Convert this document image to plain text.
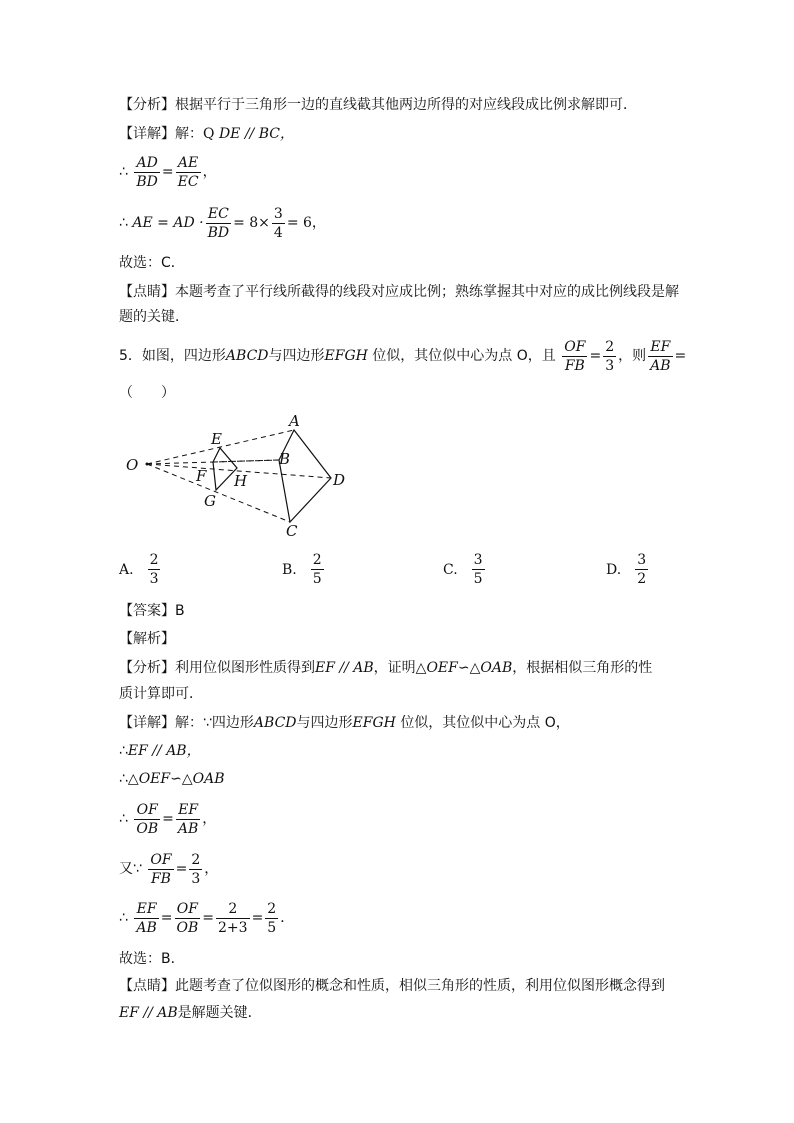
【分析】根据平行于三角形一边的直线截其他两边所得的对应线段成比例求解即可．
【详解】解：Q DE // BC，
∴ $\frac{AD}{BD} = \frac{AE}{EC}$ ，
∴ AE = AD · $\frac{EC}{BD} = 8\times \frac{3}{4} = 6$，
故选：C．
【点睛】本题考查了平行线所截得的线段对应成比例；熟练掌握其中对应的成比例线段是解
题的关键．
5．如图，四边形ABCD与四边形EFGH 位似，其位似中心为点 O，且 $\frac{OF}{FB} = \frac{2}{3}$ ，则 $\frac{EF}{AB}$ =
（　　）
O
A
B
D
C
E
F H
G
A. $\frac{2}{3}$	B. $\frac{2}{5}$	C. $\frac{3}{5}$	D. $\frac{3}{2}$
【答案】B
【解析】
【分析】利用位似图形性质得到EF // AB，证明△OEF∽△OAB，根据相似三角形的性
质计算即可．
【详解】解：∵四边形ABCD与四边形EFGH 位似，其位似中心为点 O，
∴EF // AB，
∴△OEF∽△OAB
∴ $\frac{OF}{OB} = \frac{EF}{AB}$ ，
又∵ $\frac{OF}{FB} = \frac{2}{3}$ ，
∴ $\frac{EF}{AB} = \frac{OF}{OB} = \frac{2}{2+3} = \frac{2}{5}$ ．
故选：B．
【点睛】此题考查了位似图形的概念和性质，相似三角形的性质，利用位似图形概念得到
EF // AB是解题关键．
